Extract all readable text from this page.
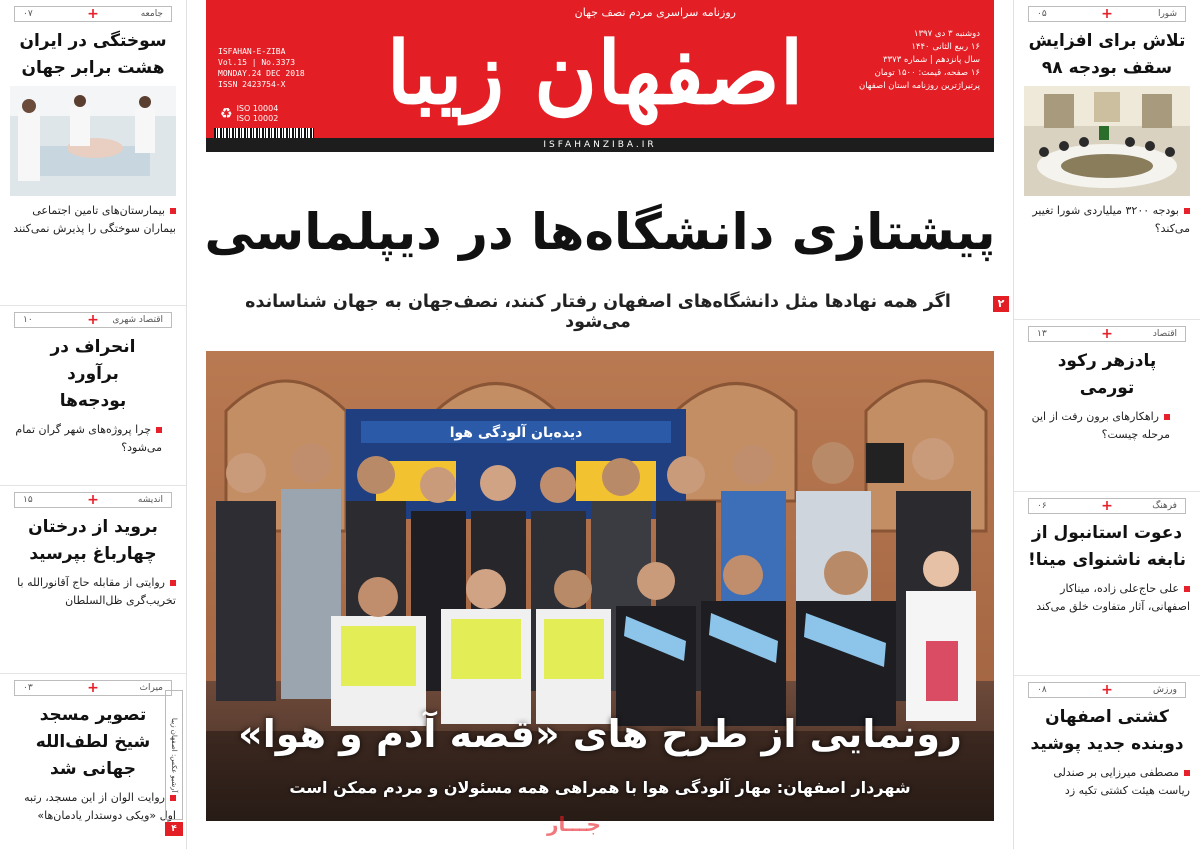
شورا
+
۰۵
تلاش برای افزایش سقف بودجه ۹۸
بودجه ۳۲۰۰ میلیاردی شورا تغییر می‌کند؟
اقتصاد
+
۱۳
پادزهر رکود تورمی
راهکارهای برون رفت از این مرحله چیست؟
فرهنگ
+
۰۶
دعوت استانبول از نابغه ناشنوای مینا!
علی حاج‌علی زاده، میناکار اصفهانی، آثار متفاوت خلق می‌کند
ورزش
+
۰۸
کشتی اصفهان دوبنده جدید پوشید
مصطفی میرزایی بر صندلی ریاست هیئت کشتی تکیه زد
جامعه
+
۰۷
سوختگی در ایران هشت برابر جهان
بیمارستان‌های تامین اجتماعی بیماران سوختگی را پذیرش نمی‌کنند
اقتصاد شهری
+
۱۰
انحراف در برآورد بودجه‌ها
چرا پروژه‌های شهر گران تمام می‌شود؟
اندیشه
+
۱۵
بروید از درختان چهارباغ بپرسید
روایتی از مقابله حاج آقانورالله با تخریب‌گری ظل‌السلطان
میراث
+
۰۳
تصویر مسجد شیخ لطف‌الله جهانی شد
روایت الوان از این مسجد، رتبه اول «ویکی دوستدار یادمان‌ها»
روزنامه سراسری مردم نصف جهان
اصفهان زیبا	دوشنبه ۳ دی ۱۳۹۷
۱۶ ربیع الثانی ۱۴۴۰
سال پانزدهم | شماره ۳۳۷۳
۱۶ صفحه، قیمت: ۱۵۰۰ تومان
پرتیراژترین روزنامه استان اصفهان
ISFAHAN-E-ZIBA
Vol.15 | No.3373
MONDAY.24 DEC 2018
ISSN 2423754-X
♻ ISO 10004
ISO 10002
ISFAHANZIBA.IR
پیشتازی دانشگاه‌ها در دیپلماسی
۲
اگر همه نهادها مثل دانشگاه‌های اصفهان رفتار کنند، نصف‌جهان به جهان شناسانده می‌شود
دیده‌بان آلودگی هوا
رونمایی از طرح های «قصه آدم و هوا»
شهردار اصفهان: مهار آلودگی هوا با همراهی همه مسئولان و مردم ممکن است
آرشیو عکس: اصفهان زیبا
۴	جـــار
